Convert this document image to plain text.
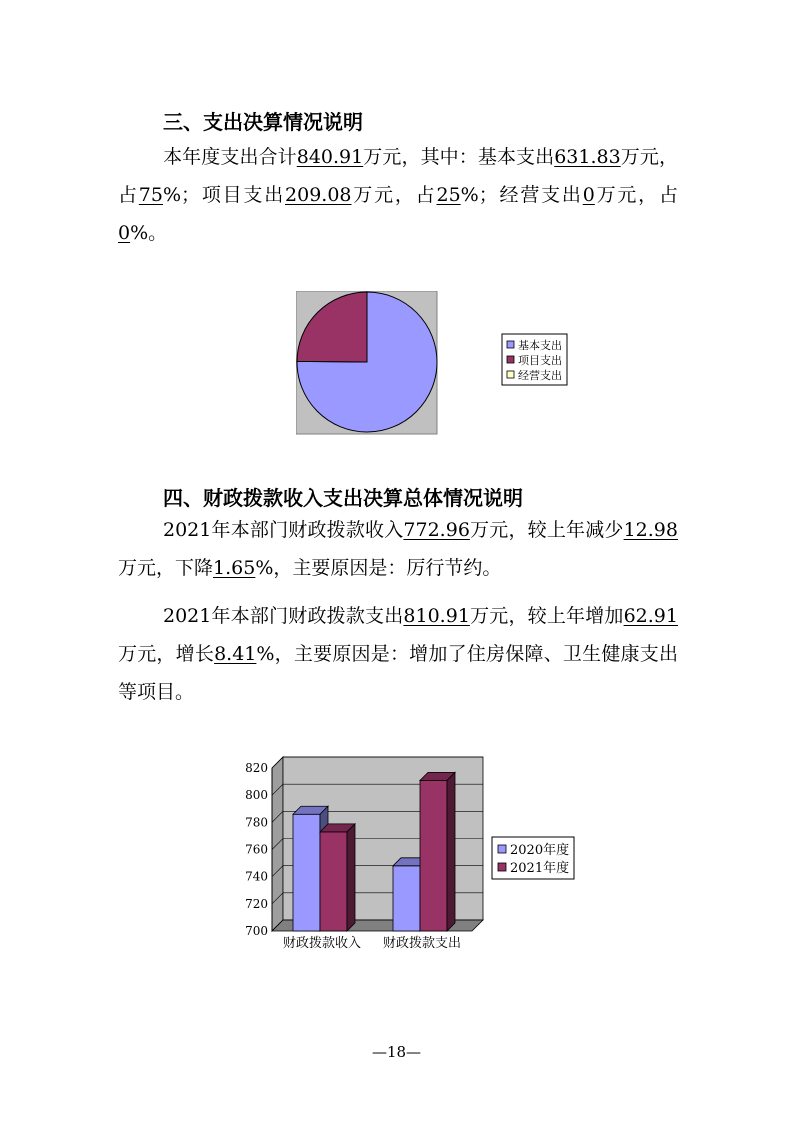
三、支出决算情况说明

本年度支出合计840.91万元，其中：基本支出631.83万元，占75%；项目支出209.08万元，占25%；经营支出0万元，占0%。

基本支出
项目支出
经营支出
四、财政拨款收入支出决算总体情况说明

2021年本部门财政拨款收入772.96万元，较上年减少12.98万元，下降1.65%，主要原因是：厉行节约。

2021年本部门财政拨款支出810.91万元，较上年增加62.91万元，增长8.41%，主要原因是：增加了住房保障、卫生健康支出等项目。

700
720
740
760
780
800
820
财政拨款收入 财政拨款支出
2020年度
2021年度
—18—
